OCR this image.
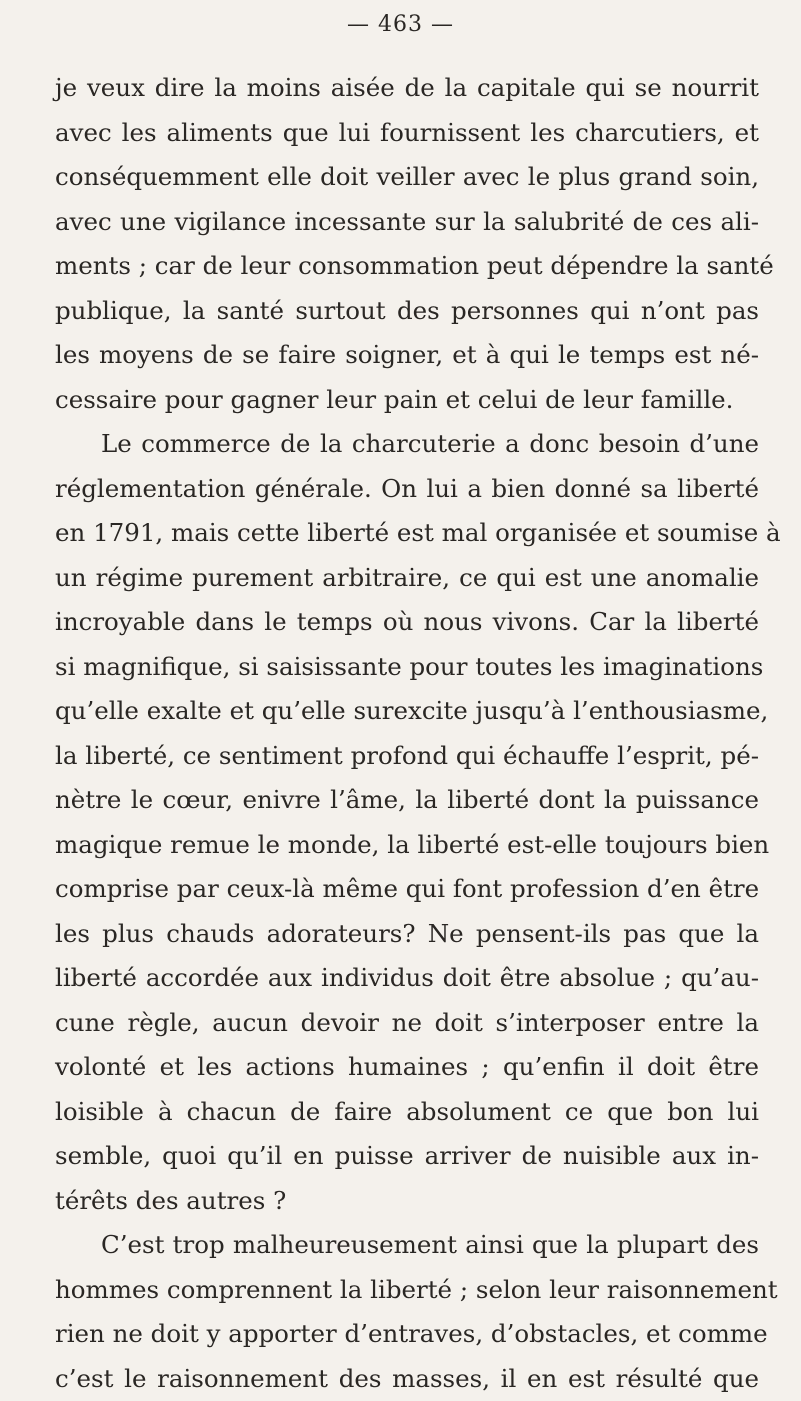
— 463 —
je veux dire la moins aisée de la capitale qui se nourrit
avec les aliments que lui fournissent les charcutiers, et
conséquemment elle doit veiller avec le plus grand soin,
avec une vigilance incessante sur la salubrité de ces ali-
ments ; car de leur consommation peut dépendre la santé
publique, la santé surtout des personnes qui n’ont pas
les moyens de se faire soigner, et à qui le temps est né-
cessaire pour gagner leur pain et celui de leur famille.
Le commerce de la charcuterie a donc besoin d’une
réglementation générale. On lui a bien donné sa liberté
en 1791, mais cette liberté est mal organisée et soumise à
un régime purement arbitraire, ce qui est une anomalie
incroyable dans le temps où nous vivons. Car la liberté
si magnifique, si saisissante pour toutes les imaginations
qu’elle exalte et qu’elle surexcite jusqu’à l’enthousiasme,
la liberté, ce sentiment profond qui échauffe l’esprit, pé-
nètre le cœur, enivre l’âme, la liberté dont la puissance
magique remue le monde, la liberté est-elle toujours bien
comprise par ceux-là même qui font profession d’en être
les plus chauds adorateurs? Ne pensent-ils pas que la
liberté accordée aux individus doit être absolue ; qu’au-
cune règle, aucun devoir ne doit s’interposer entre la
volonté et les actions humaines ; qu’enfin il doit être
loisible à chacun de faire absolument ce que bon lui
semble, quoi qu’il en puisse arriver de nuisible aux in-
térêts des autres ?
C’est trop malheureusement ainsi que la plupart des
hommes comprennent la liberté ; selon leur raisonnement
rien ne doit y apporter d’entraves, d’obstacles, et comme
c’est le raisonnement des masses, il en est résulté que
